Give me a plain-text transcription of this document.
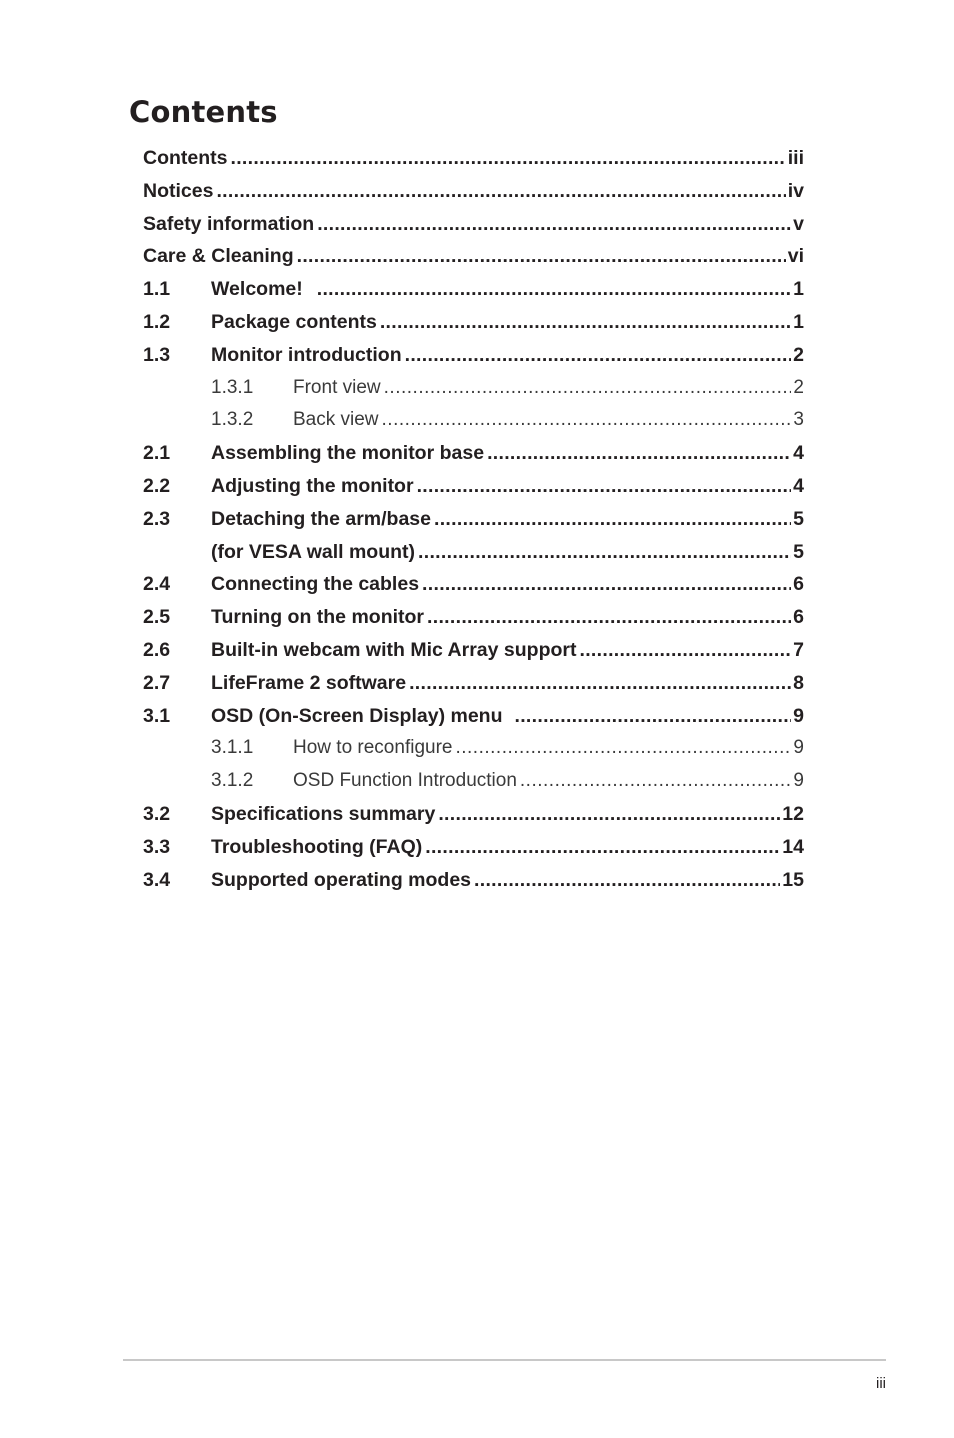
Contents
Contents .....	iii
Notices .....	iv
Safety information .....	v
Care & Cleaning .....	vi
1.1	Welcome! .....	1
1.2	Package contents .....	1
1.3	Monitor introduction .....	2
1.3.1	Front view .....	2
1.3.2	Back view .....	3
2.1	Assembling the monitor base .....	4
2.2	Adjusting the monitor .....	4
2.3	Detaching the arm/base .....	5
(for VESA wall mount) .....	5
2.4	Connecting the cables .....	6
2.5	Turning on the monitor .....	6
2.6	Built-in webcam with Mic Array support .....	7
2.7	LifeFrame 2 software .....	8
3.1	OSD (On-Screen Display) menu .....	9
3.1.1	How to reconfigure .....	9
3.1.2	OSD Function Introduction .....	9
3.2	Specifications summary .....	12
3.3	Troubleshooting (FAQ) .....	14
3.4	Supported operating modes .....	15
iii
